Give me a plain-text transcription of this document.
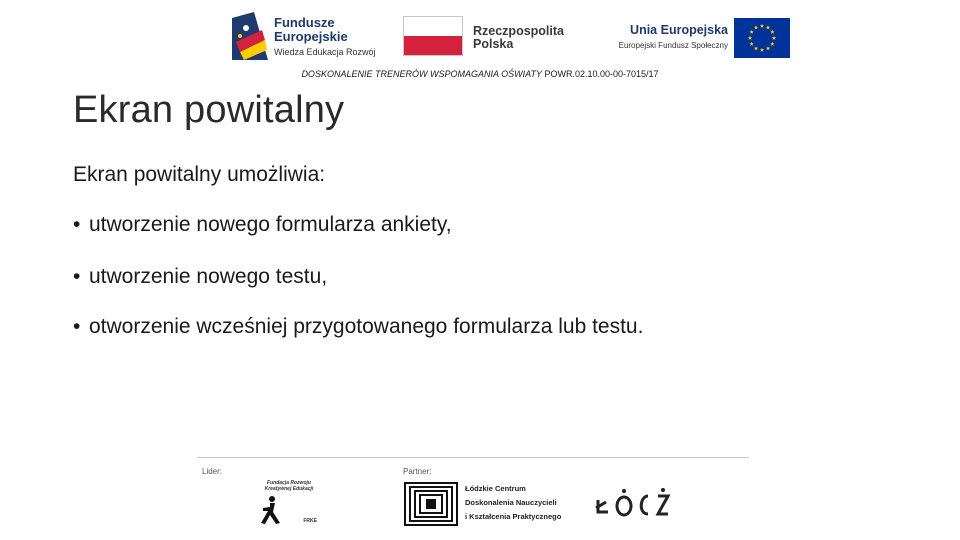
Fundusze
Europejskie
Wiedza Edukacja Rozwój
Rzeczpospolita
Polska
Unia Europejska
Europejski Fundusz Społeczny
DOSKONALENIE TRENERÓW WSPOMAGANIA OŚWIATY POWR.02.10.00-00-7015/17
Ekran powitalny
Ekran powitalny umożliwia:
• utworzenie nowego formularza ankiety,
• utworzenie nowego testu,
• otworzenie wcześniej przygotowanego formularza lub testu.
Lider:	Partner:
Fundacja Rozwoju
Kreatywnej Edukacji
FRKE
Łódzkie Centrum
Doskonalenia Nauczycieli
i Kształcenia Praktycznego
